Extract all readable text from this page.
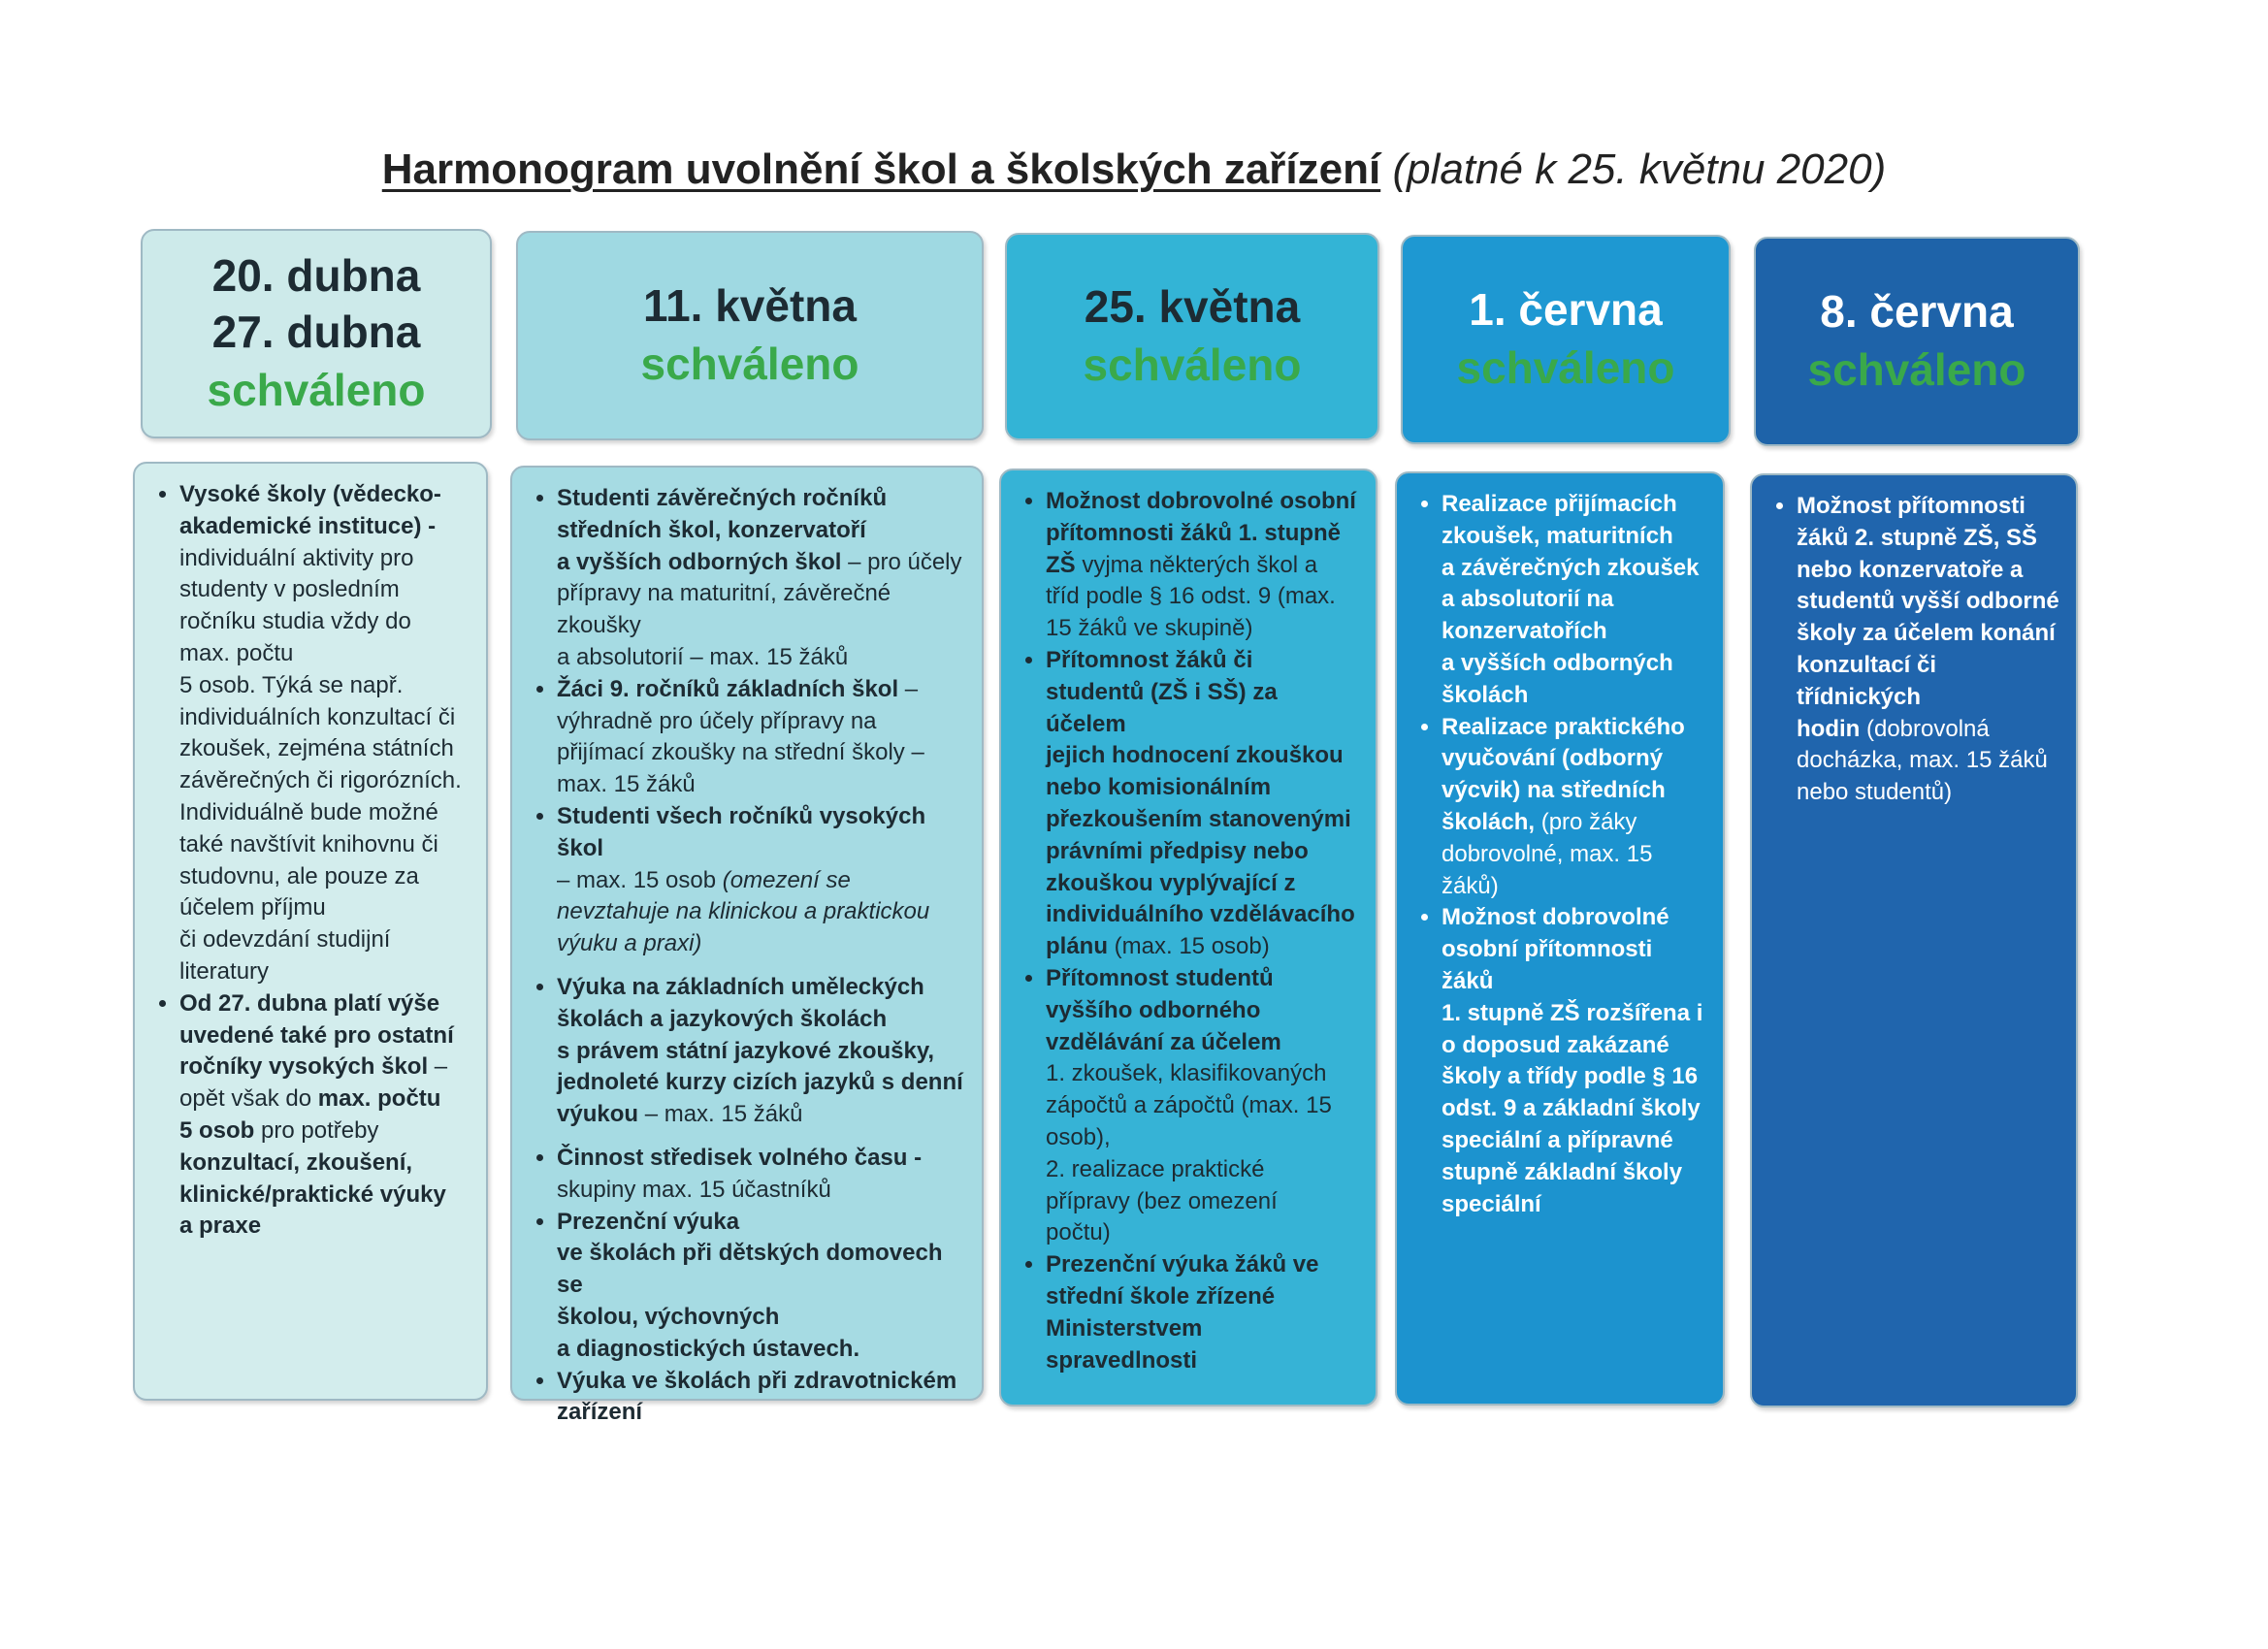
Harmonogram uvolnění škol a školských zařízení (platné k 25. květnu 2020)
20. dubna
27. dubna
schváleno
• Vysoké školy (vědecko-
akademické instituce) -
individuální aktivity pro
studenty v posledním
ročníku studia vždy do
max. počtu
5 osob. Týká se např.
individuálních konzultací či
zkoušek, zejména státních
závěrečných či rigorózních.
Individuálně bude možné
také navštívit knihovnu či
studovnu, ale pouze za
účelem příjmu
či odevzdání studijní
literatury
• Od 27. dubna platí výše
uvedené také pro ostatní
ročníky vysokých škol –
opět však do max. počtu
5 osob pro potřeby
konzultací, zkoušení,
klinické/praktické výuky
a praxe
11. května
schváleno
• Studenti závěrečných ročníků
středních škol, konzervatoří
a vyšších odborných škol – pro účely
přípravy na maturitní, závěrečné
zkoušky
a absolutorií – max. 15 žáků
• Žáci 9. ročníků základních škol –
výhradně pro účely přípravy na
přijímací zkoušky na střední školy –
max. 15 žáků
• Studenti všech ročníků vysokých škol
– max. 15 osob (omezení se
nevztahuje na klinickou a praktickou
výuku a praxi)
• Výuka na základních uměleckých
školách a jazykových školách
s právem státní jazykové zkoušky,
jednoleté kurzy cizích jazyků s denní
výukou – max. 15 žáků
• Činnost středisek volného času -
skupiny max. 15 účastníků
• Prezenční výuka
ve školách při dětských domovech se
školou, výchovných
a diagnostických ústavech.
• Výuka ve školách při zdravotnickém
zařízení
25. května
schváleno
• Možnost dobrovolné osobní
přítomnosti žáků 1. stupně
ZŠ vyjma některých škol a
tříd podle § 16 odst. 9 (max.
15 žáků ve skupině)
• Přítomnost žáků či
studentů (ZŠ i SŠ) za účelem
jejich hodnocení zkouškou
nebo komisionálním
přezkoušením stanovenými
právními předpisy nebo
zkouškou vyplývající z
individuálního vzdělávacího
plánu (max. 15 osob)
• Přítomnost studentů
vyššího odborného
vzdělávání za účelem
1. zkoušek, klasifikovaných
zápočtů a zápočtů (max. 15
osob),
2. realizace praktické
přípravy (bez omezení
počtu)
• Prezenční výuka žáků ve
střední škole zřízené
Ministerstvem
spravedlnosti
1. června
schváleno
• Realizace přijímacích
zkoušek, maturitních
a závěrečných zkoušek
a absolutorií na
konzervatořích
a vyšších odborných
školách
• Realizace praktického
vyučování (odborný
výcvik) na středních
školách, (pro žáky
dobrovolné, max. 15
žáků)
• Možnost dobrovolné
osobní přítomnosti žáků
1. stupně ZŠ rozšířena i
o doposud zakázané
školy a třídy podle § 16
odst. 9 a základní školy
speciální a přípravné
stupně základní školy
speciální
8. června
schváleno
• Možnost přítomnosti
žáků 2. stupně ZŠ, SŠ
nebo konzervatoře a
studentů vyšší odborné
školy za účelem konání
konzultací či třídnických
hodin (dobrovolná
docházka, max. 15 žáků
nebo studentů)
